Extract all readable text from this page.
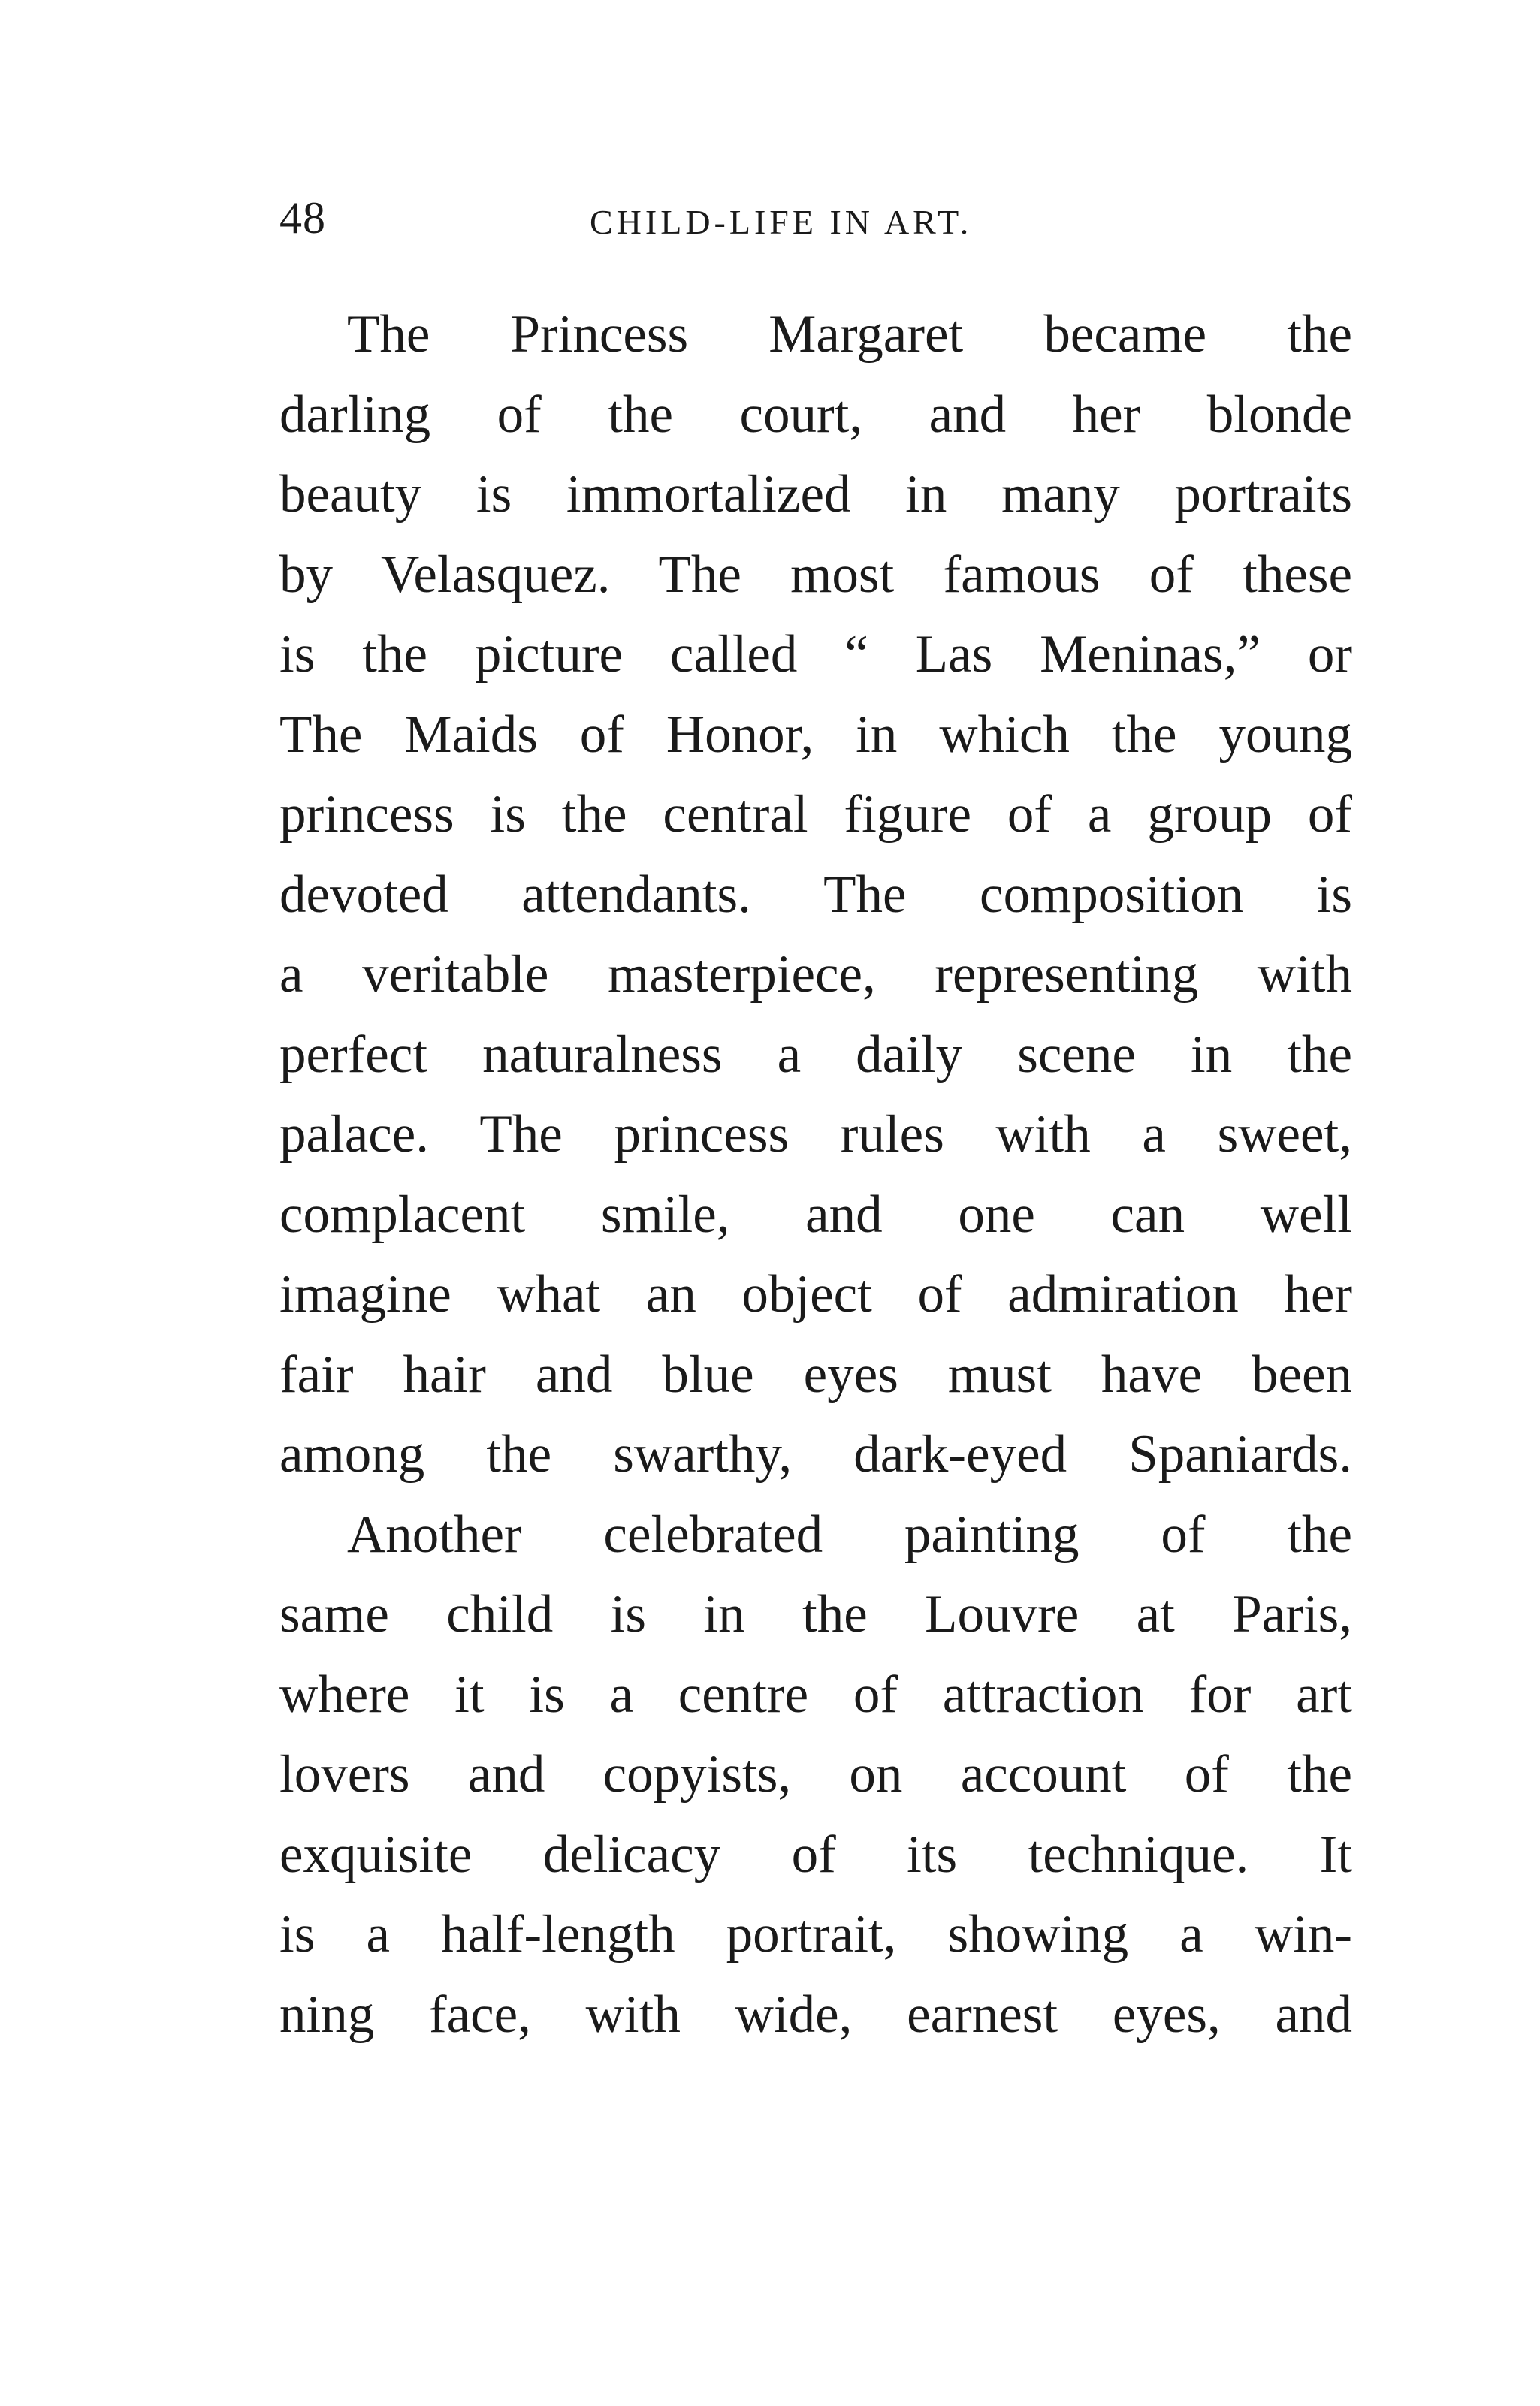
48	CHILD-LIFE IN ART.
The Princess Margaret became the
darling of the court, and her blonde
beauty is immortalized in many portraits
by Velasquez. The most famous of these
is the picture called “ Las Meninas,” or
The Maids of Honor, in which the young
princess is the central figure of a group of
devoted attendants. The composition is
a veritable masterpiece, representing with
perfect naturalness a daily scene in the
palace. The princess rules with a sweet,
complacent smile, and one can well
imagine what an object of admiration her
fair hair and blue eyes must have been
among the swarthy, dark-eyed Spaniards.
Another celebrated painting of the
same child is in the Louvre at Paris,
where it is a centre of attraction for art
lovers and copyists, on account of the
exquisite delicacy of its technique. It
is a half-length portrait, showing a win-
ning face, with wide, earnest eyes, and
